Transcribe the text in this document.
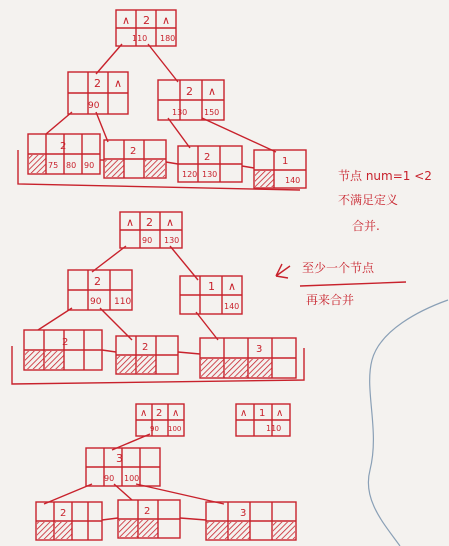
∧ 2 ∧
110 180
2 ∧
90
2 ∧
130 150
2
75 80 90
2
2
120 130
1
140	节点 num=1 <2
不满足定义
合并.
∧ 2 ∧
90 130
2
90 110
1 ∧
140
2	2	3
至少一个节点
再来合并
∧ 2 ∧
90 100
∧ 1 ∧
110
3
90 100
2	2	3
